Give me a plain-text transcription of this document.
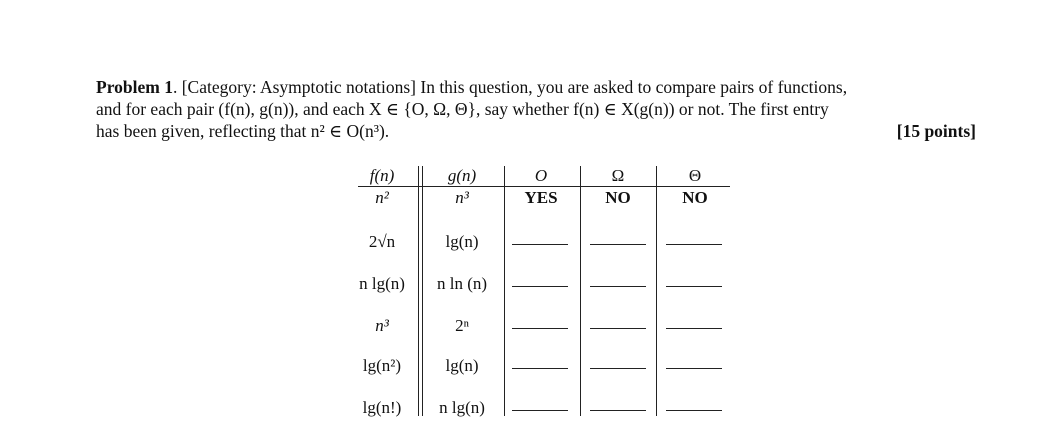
Problem 1. [Category: Asymptotic notations] In this question, you are asked to compare pairs of functions,
and for each pair (f(n), g(n)), and each X ∈ {O, Ω, Θ}, say whether f(n) ∈ X(g(n)) or not. The first entry
has been given, reflecting that n² ∈ O(n³).	[15 points]
f(n)	g(n)	O	Ω	Θ
n²	n³	YES	NO	NO
2√n	lg(n)
n lg(n)	n ln (n)
n³	2ⁿ
lg(n²)	lg(n)
lg(n!)	n lg(n)
